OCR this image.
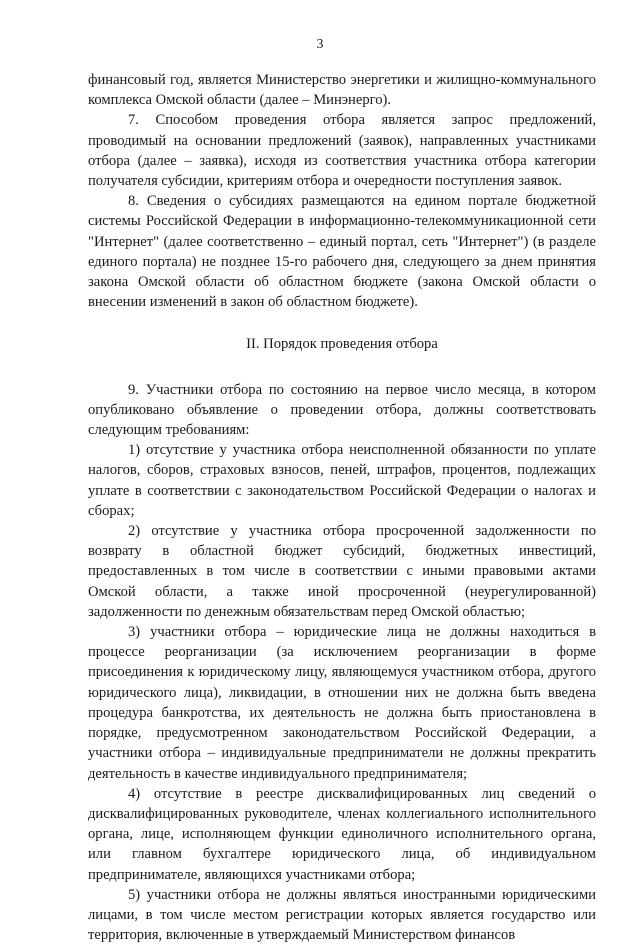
3

финансовый год, является Министерство энергетики и жилищно-коммунального комплекса Омской области (далее – Минэнерго).

7. Способом проведения отбора является запрос предложений, проводимый на основании предложений (заявок), направленных участниками отбора (далее – заявка), исходя из соответствия участника отбора категории получателя субсидии, критериям отбора и очередности поступления заявок.

8. Сведения о субсидиях размещаются на едином портале бюджетной системы Российской Федерации в информационно-телекоммуникационной сети "Интернет" (далее соответственно – единый портал, сеть "Интернет") (в разделе единого портала) не позднее 15-го рабочего дня, следующего за днем принятия закона Омской области об областном бюджете (закона Омской области о внесении изменений в закон об областном бюджете).

II. Порядок проведения отбора

9. Участники отбора по состоянию на первое число месяца, в котором опубликовано объявление о проведении отбора, должны соответствовать следующим требованиям:

1) отсутствие у участника отбора неисполненной обязанности по уплате налогов, сборов, страховых взносов, пеней, штрафов, процентов, подлежащих уплате в соответствии с законодательством Российской Федерации о налогах и сборах;

2) отсутствие у участника отбора просроченной задолженности по возврату в областной бюджет субсидий, бюджетных инвестиций, предоставленных в том числе в соответствии с иными правовыми актами Омской области, а также иной просроченной (неурегулированной) задолженности по денежным обязательствам перед Омской областью;

3) участники отбора – юридические лица не должны находиться в процессе реорганизации (за исключением реорганизации в форме присоединения к юридическому лицу, являющемуся участником отбора, другого юридического лица), ликвидации, в отношении них не должна быть введена процедура банкротства, их деятельность не должна быть приостановлена в порядке, предусмотренном законодательством Российской Федерации, а участники отбора – индивидуальные предприниматели не должны прекратить деятельность в качестве индивидуального предпринимателя;

4) отсутствие в реестре дисквалифицированных лиц сведений о дисквалифицированных руководителе, членах коллегиального исполнительного органа, лице, исполняющем функции единоличного исполнительного органа, или главном бухгалтере юридического лица, об индивидуальном предпринимателе, являющихся участниками отбора;

5) участники отбора не должны являться иностранными юридическими лицами, в том числе местом регистрации которых является государство или территория, включенные в утверждаемый Министерством финансов
